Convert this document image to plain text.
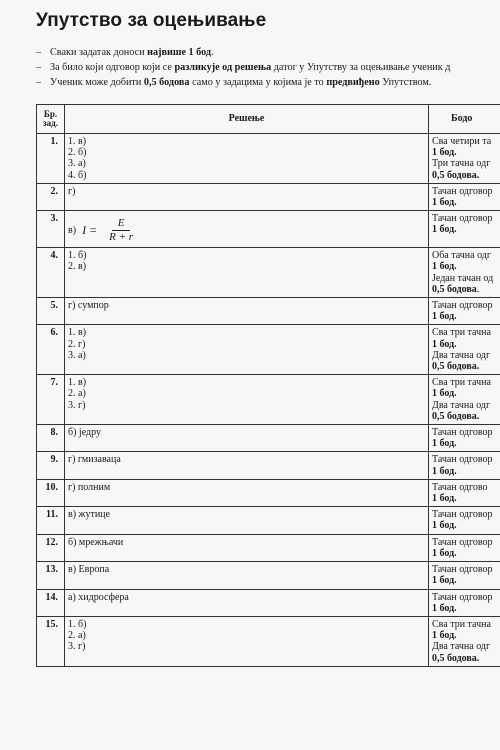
Упутство за оцењивање
– Сваки задатак доноси највише 1 бод.
– За било који одговор који се разликује од решења датог у Упутству за оцењивање ученик д
– Ученик може добити 0,5 бодова само у задацима у којима је то предвиђено Упутством.
Бр. зад.	Решење	Бодо
1.	1. в)
2. б)
3. а)
4. б)	Сва четири та
1 бод.
Три тачна одг
0,5 бодова.

2.	г)	Тачан одговор
1 бод.

3.	в) $I = \frac{E}{R + r}$	Тачан одговор
1 бод.

4.	1. б)
2. в)	Оба тачна одг
1 бод.
Један тачан од
0,5 бодова.

5.	г) сумпор	Тачан одговор
1 бод.

6.	1. в)
2. г)
3. а)	Сва три тачна
1 бод.
Два тачна одг
0,5 бодова.

7.	1. в)
2. а)
3. г)	Сва три тачна
1 бод.
Два тачна одг
0,5 бодова.

8.	б) једру	Тачан одговор
1 бод.

9.	г) гмизаваца	Тачан одговор
1 бод.

10.	г) полним	Тачан одгово
1 бод.

11.	в) жутице	Тачан одговор
1 бод.

12.	б) мрежњачи	Тачан одговор
1 бод.

13.	в) Европа	Тачан одговор
1 бод.

14.	а) хидросфера	Тачан одговор
1 бод.

15.	1. б)
2. а)
3. г)	Сва три тачна
1 бод.
Два тачна одг
0,5 бодова.
